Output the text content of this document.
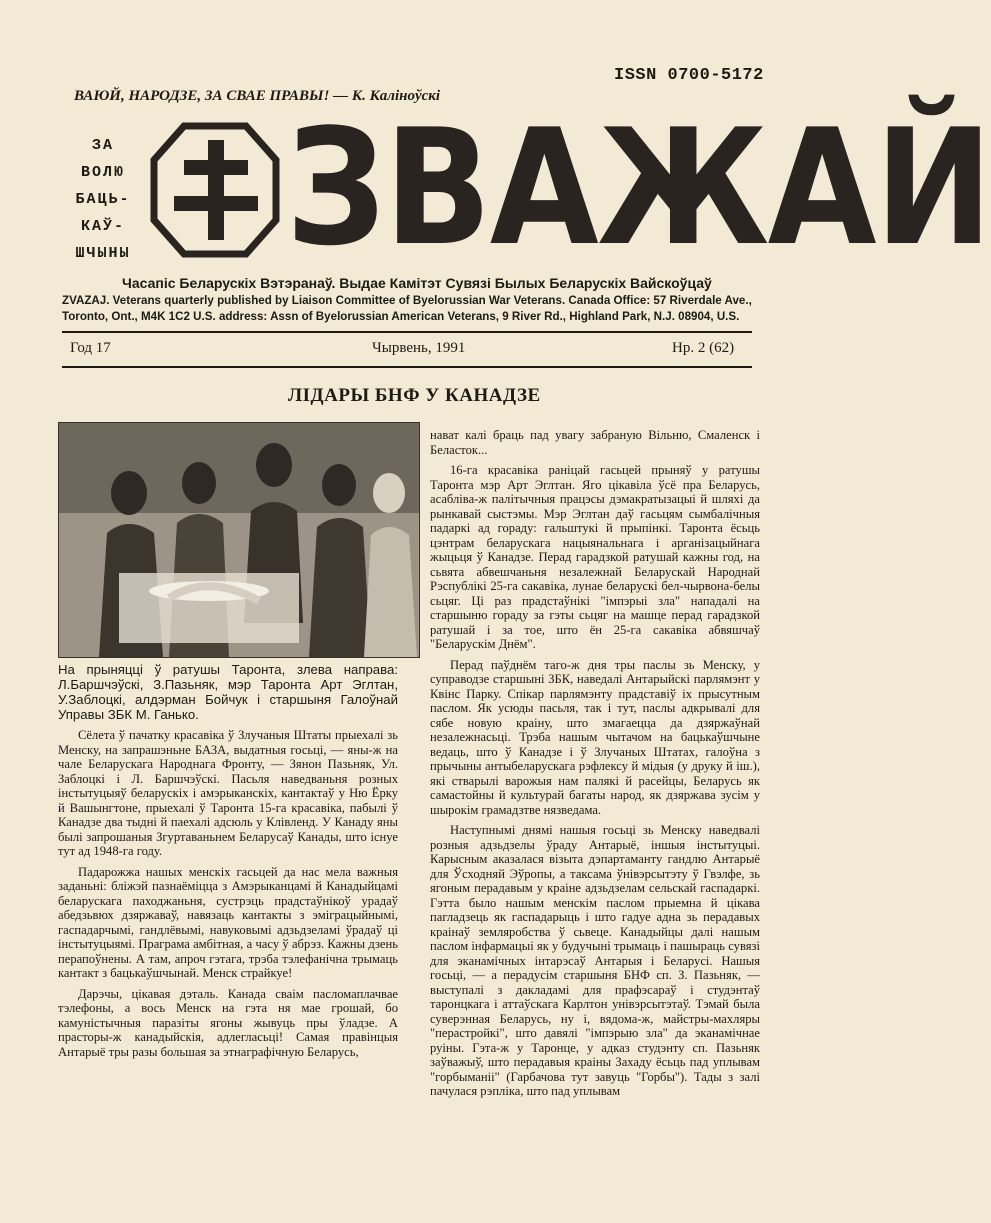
ISSN 0700-5172
ВАЮЙ, НАРОДЗЕ, ЗА СВАЕ ПРАВЫ! — К. Каліноўскі
ЗА
ВОЛЮ
БАЦЬ-
КАЎ-
ШЧЫНЫ ЗВАЖАЙ
Часапіс Беларускіх Вэтэранаў. Выдае Камітэт Сувязі Былых Беларускіх Вайскоўцаў
ZVAZAJ. Veterans quarterly published by Liaison Committee of Byelorussian War Veterans. Canada Office: 57 Riverdale Ave.,
Toronto, Ont., M4K 1C2 U.S. address: Assn of Byelorussian American Veterans, 9 River Rd., Highland Park, N.J. 08904, U.S.
Год 17	Чырвень, 1991	Нр. 2 (62)
ЛІДАРЫ БНФ У КАНАДЗЕ

На прыняцці ў ратушы Таронта, злева направа: Л.Баршчэўскі, З.Пазьняк, мэр Таронта Арт Эглтан, У.Заблоцкі, алдэрман Бойчук і старшыня Галоўнай Управы ЗБК М. Ганько.

Сёлета ў пачатку красавіка ў Злучаныя Штаты прыехалі зь Менску, на запрашэньне БАЗА, выдатныя госьці, — яны-ж на чале Беларускага Народнага Фронту, — Зянон Пазьняк, Ул. Заблоцкі і Л. Баршчэўскі. Пасьля наведваньня розных інстытуцыяў беларускіх і амэрыканскіх, кантактаў у Ню Ёрку й Вашынгтоне, прыехалі ў Таронта 15-га красавіка, пабылі ў Канадзе два тыдні й паехалі адсюль у Клівленд. У Канаду яны былі запрошаныя Згуртаваньнем Беларусаў Канады, што існуе тут ад 1948-га году.

Падарожжа нашых менскіх гасьцей да нас мела важныя заданьні: бліжэй пазнаёміцца з Амэрыканцамі й Канадыйцамі беларускага паходжаньня, сустрэць прадстаўнікоў урадаў абедзьвюх дзяржаваў, навязаць кантакты з эміграцыйнымі, гаспадарчымі, гандлёвымі, навуковымі адзьдзеламі ўрадаў ці інстытуцыямі. Праграма амбітная, а часу ў абрэз. Кажны дзень перапоўнены. А там, апроч гэтага, трэба тэлефанічна трымаць кантакт з бацькаўшчынай. Менск страйкуе!

Дарэчы, цікавая дэталь. Канада сваім пасломаплачвае тэлефоны, а вось Менск на гэта ня мае грошай, бо камуністычныя паразіты ягоны жывуць пры ўладзе. А прасторы-ж канадыйскія, адлегласьці! Самая правінцыя Антарыё тры разы большая за этнаграфічную Беларусь,

нават калі браць пад увагу забраную Вільню, Смаленск і Беласток...

16-га красавіка раніцай гасьцей прыняў у ратушы Таронта мэр Арт Эглтан. Яго цікавіла ўсё пра Беларусь, асабліва-ж палітычныя працэсы дэмакратызацыі й шляхі да рынкавай сыстэмы. Мэр Эглтан даў гасьцям сымбалічныя падаркі ад гораду: гальштукі й прыпінкі. Таронта ёсьць цэнтрам беларускага нацыянальнага і арганізацыйнага жыцьця ў Канадзе. Перад гарадзкой ратушай кажны год, на сьвята абвешчаньня незалежнай Беларускай Народнай Рэспублікі 25-га сакавіка, лунае беларускі бел-чырвона-белы сьцяг. Ці раз прадстаўнікі "імпэрыі зла" нападалі на старшыню гораду за гэты сьцяг на машце перад гарадзкой ратушай і за тое, што ён 25-га сакавіка абвяшчаў "Беларускім Днём".

Перад паўднём таго-ж дня тры паслы зь Менску, у суправодзе старшыні ЗБК, наведалі Антарыйскі парлямэнт у Квінс Парку. Спікар парлямэнту прадставіў іх прысутным паслом. Як усюды пасьля, так і тут, паслы адкрывалі для сябе новую краіну, што змагаецца да дзяржаўнай незалежнасьці. Трэба нашым чытачом на бацькаўшчыне ведаць, што ў Канадзе і ў Злучаных Штатах, галоўна з прычыны антыбеларускага рэфлексу й мідыя (у друку й іш.), які стварылі варожыя нам палякі й расейцы, Беларусь як самастойны й культурай багаты народ, як дзяржава зусім у шырокім грамадзтве нязведама.

Наступнымі днямі нашыя госьці зь Менску наведвалі розныя адзьдзелы ўраду Антарыё, іншыя інстытуцыі. Карысным аказалася візыта дэпартаманту гандлю Антарыё для Ўсходняй Эўропы, а таксама ўнівэрсытэту ў Гвэлфе, зь ягоным перадавым у краіне адзьдзелам сельскай гаспадаркі. Гэтта было нашым менскім паслом прыемна й цікава пагладзець як гаспадарыць і што гадуе адна зь перадавых краінаў земляробства ў сьвеце. Канадыйцы далі нашым паслом інфармацыі як у будучыні трымаць і пашыраць сувязі для эканамічных інтарэсаў Антарыя і Беларусі. Нашыя госьці, — а перадусім старшыня БНФ сп. З. Пазьняк, — выступалі з дакладамі для прафэсараў і студэнтаў таронцкага і аттаўскага Карлтон унівэрсытэтаў. Тэмай была суверэнная Беларусь, ну і, вядома-ж, майстры-махляры "перастройкі", што давялі "імпэрыю зла" да эканамічнае руіны. Гэта-ж у Таронце, у адказ студэнту сп. Пазьняк заўважыў, што перадавыя краіны Захаду ёсьць пад уплывам "горбыманіі" (Гарбачова тут завуць "Горбы"). Тады з залі пачулася рэпліка, што пад уплывам
